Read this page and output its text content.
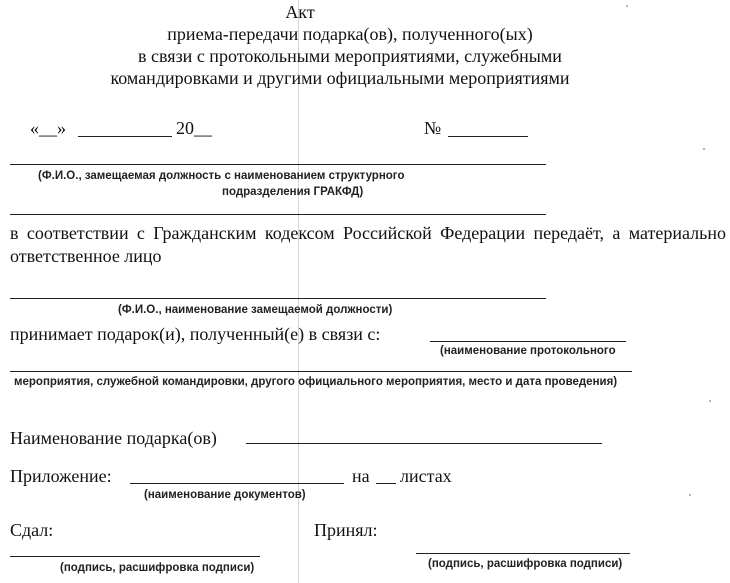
Акт
приема-передачи подарка(ов), полученного(ых)
в связи с протокольными мероприятиями, служебными
командировками и другими официальными мероприятиями
«__»	20__	№
(Ф.И.О., замещаемая должность с наименованием структурного
подразделения ГРАКФД)
в соответствии с Гражданским кодексом Российской Федерации передаёт, а материально ответственное лицо
(Ф.И.О., наименование замещаемой должности)
принимает подарок(и), полученный(е) в связи с:
(наименование протокольного
мероприятия, служебной командировки, другого официального мероприятия, место и дата проведения)
Наименование подарка(ов)
Приложение:	на листах
(наименование документов)
Сдал:	Принял:
(подпись, расшифровка подписи)	(подпись, расшифровка подписи)
